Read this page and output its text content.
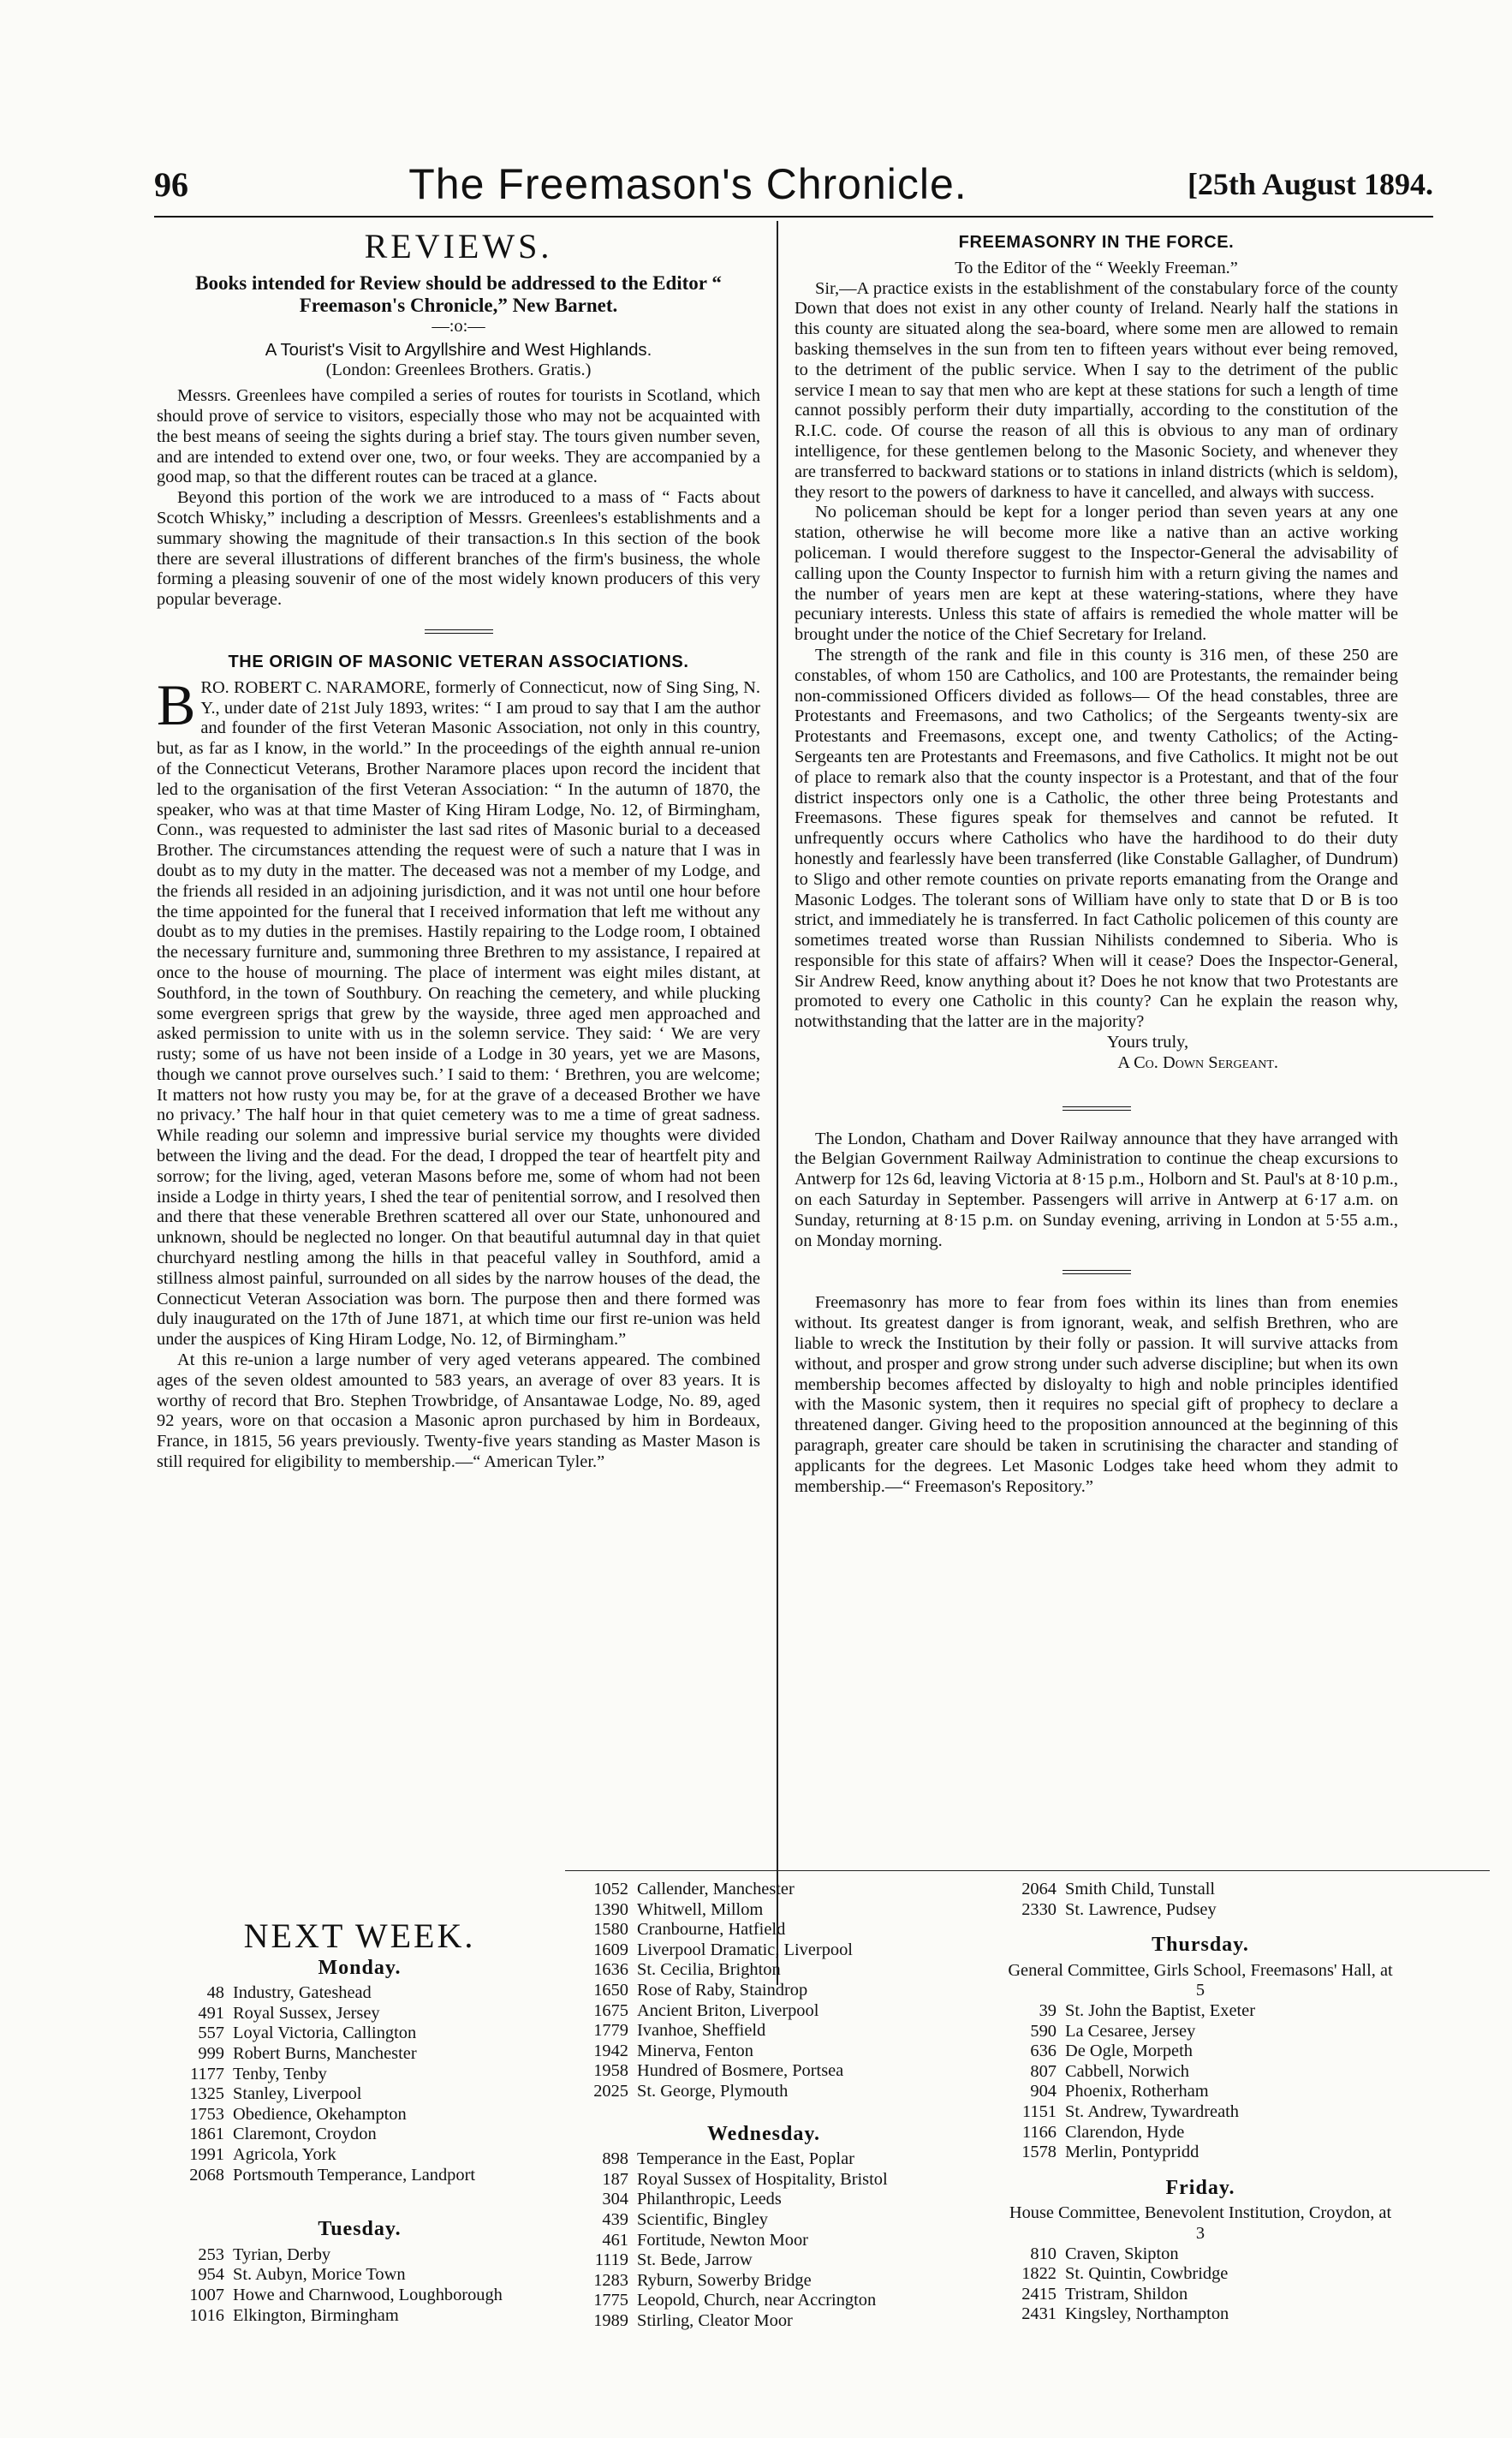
96	The Freemason's Chronicle.	[25th August 1894.
REVIEWS.

Books intended for Review should be addressed to the Editor “ Freemason's Chronicle,” New Barnet.

—:o:—

A Tourist's Visit to Argyllshire and West Highlands.

(London: Greenlees Brothers. Gratis.)

Messrs. Greenlees have compiled a series of routes for tourists in Scotland, which should prove of service to visitors, especially those who may not be acquainted with the best means of seeing the sights during a brief stay. The tours given number seven, and are intended to extend over one, two, or four weeks. They are accompanied by a good map, so that the different routes can be traced at a glance.

Beyond this portion of the work we are introduced to a mass of “ Facts about Scotch Whisky,” including a description of Messrs. Greenlees's establishments and a summary showing the magnitude of their transaction.s In this section of the book there are several illustrations of different branches of the firm's business, the whole forming a pleasing souvenir of one of the most widely known producers of this very popular beverage.

THE ORIGIN OF MASONIC VETERAN ASSOCIATIONS.

BRO. ROBERT C. NARAMORE, formerly of Connecticut, now of Sing Sing, N. Y., under date of 21st July 1893, writes: “ I am proud to say that I am the author and founder of the first Veteran Masonic Association, not only in this country, but, as far as I know, in the world.” In the proceedings of the eighth annual re-union of the Connecticut Veterans, Brother Naramore places upon record the incident that led to the organisation of the first Veteran Association: “ In the autumn of 1870, the speaker, who was at that time Master of King Hiram Lodge, No. 12, of Birmingham, Conn., was requested to administer the last sad rites of Masonic burial to a deceased Brother. The circumstances attending the request were of such a nature that I was in doubt as to my duty in the matter. The deceased was not a member of my Lodge, and the friends all resided in an adjoining jurisdiction, and it was not until one hour before the time appointed for the funeral that I received information that left me without any doubt as to my duties in the premises. Hastily repairing to the Lodge room, I obtained the necessary furniture and, summoning three Brethren to my assistance, I repaired at once to the house of mourning. The place of interment was eight miles distant, at Southford, in the town of Southbury. On reaching the cemetery, and while plucking some evergreen sprigs that grew by the wayside, three aged men approached and asked permission to unite with us in the solemn service. They said: ‘ We are very rusty; some of us have not been inside of a Lodge in 30 years, yet we are Masons, though we cannot prove ourselves such.’ I said to them: ‘ Brethren, you are welcome; It matters not how rusty you may be, for at the grave of a deceased Brother we have no privacy.’ The half hour in that quiet cemetery was to me a time of great sadness. While reading our solemn and impressive burial service my thoughts were divided between the living and the dead. For the dead, I dropped the tear of heartfelt pity and sorrow; for the living, aged, veteran Masons before me, some of whom had not been inside a Lodge in thirty years, I shed the tear of penitential sorrow, and I resolved then and there that these venerable Brethren scattered all over our State, unhonoured and unknown, should be neglected no longer. On that beautiful autumnal day in that quiet churchyard nestling among the hills in that peaceful valley in Southford, amid a stillness almost painful, surrounded on all sides by the narrow houses of the dead, the Connecticut Veteran Association was born. The purpose then and there formed was duly inaugurated on the 17th of June 1871, at which time our first re-union was held under the auspices of King Hiram Lodge, No. 12, of Birmingham.”

At this re-union a large number of very aged veterans appeared. The combined ages of the seven oldest amounted to 583 years, an average of over 83 years. It is worthy of record that Bro. Stephen Trowbridge, of Ansantawae Lodge, No. 89, aged 92 years, wore on that occasion a Masonic apron purchased by him in Bordeaux, France, in 1815, 56 years previously. Twenty-five years standing as Master Mason is still required for eligibility to membership.—“ American Tyler.”

FREEMASONRY IN THE FORCE.

To the Editor of the “ Weekly Freeman.”

Sir,—A practice exists in the establishment of the constabulary force of the county Down that does not exist in any other county of Ireland. Nearly half the stations in this county are situated along the sea-board, where some men are allowed to remain basking themselves in the sun from ten to fifteen years without ever being removed, to the detriment of the public service. When I say to the detriment of the public service I mean to say that men who are kept at these stations for such a length of time cannot possibly perform their duty impartially, according to the constitution of the R.I.C. code. Of course the reason of all this is obvious to any man of ordinary intelligence, for these gentlemen belong to the Masonic Society, and whenever they are transferred to backward stations or to stations in inland districts (which is seldom), they resort to the powers of darkness to have it cancelled, and always with success.

No policeman should be kept for a longer period than seven years at any one station, otherwise he will become more like a native than an active working policeman. I would therefore suggest to the Inspector-General the advisability of calling upon the County Inspector to furnish him with a return giving the names and the number of years men are kept at these watering-stations, where they have pecuniary interests. Unless this state of affairs is remedied the whole matter will be brought under the notice of the Chief Secretary for Ireland.

The strength of the rank and file in this county is 316 men, of these 250 are constables, of whom 150 are Catholics, and 100 are Protestants, the remainder being non-commissioned Officers divided as follows— Of the head constables, three are Protestants and Freemasons, and two Catholics; of the Sergeants twenty-six are Protestants and Freemasons, except one, and twenty Catholics; of the Acting-Sergeants ten are Protestants and Freemasons, and five Catholics. It might not be out of place to remark also that the county inspector is a Protestant, and that of the four district inspectors only one is a Catholic, the other three being Protestants and Freemasons. These figures speak for themselves and cannot be refuted. It unfrequently occurs where Catholics who have the hardihood to do their duty honestly and fearlessly have been transferred (like Constable Gallagher, of Dundrum) to Sligo and other remote counties on private reports emanating from the Orange and Masonic Lodges. The tolerant sons of William have only to state that D or B is too strict, and immediately he is transferred. In fact Catholic policemen of this county are sometimes treated worse than Russian Nihilists condemned to Siberia. Who is responsible for this state of affairs? When will it cease? Does the Inspector-General, Sir Andrew Reed, know anything about it? Does he not know that two Protestants are promoted to every one Catholic in this county? Can he explain the reason why, notwithstanding that the latter are in the majority?

Yours truly,

A Co. Down Sergeant.

The London, Chatham and Dover Railway announce that they have arranged with the Belgian Government Railway Administration to continue the cheap excursions to Antwerp for 12s 6d, leaving Victoria at 8·15 p.m., Holborn and St. Paul's at 8·10 p.m., on each Saturday in September. Passengers will arrive in Antwerp at 6·17 a.m. on Sunday, returning at 8·15 p.m. on Sunday evening, arriving in London at 5·55 a.m., on Monday morning.

Freemasonry has more to fear from foes within its lines than from enemies without. Its greatest danger is from ignorant, weak, and selfish Brethren, who are liable to wreck the Institution by their folly or passion. It will survive attacks from without, and prosper and grow strong under such adverse discipline; but when its own membership becomes affected by disloyalty to high and noble principles identified with the Masonic system, then it requires no special gift of prophecy to declare a threatened danger. Giving heed to the proposition announced at the beginning of this paragraph, greater care should be taken in scrutinising the character and standing of applicants for the degrees. Let Masonic Lodges take heed whom they admit to membership.—“ Freemason's Repository.”

NEXT WEEK.
Monday.
48 Industry, Gateshead
491 Royal Sussex, Jersey
557 Loyal Victoria, Callington
999 Robert Burns, Manchester
1177 Tenby, Tenby
1325 Stanley, Liverpool
1753 Obedience, Okehampton
1861 Claremont, Croydon
1991 Agricola, York
2068 Portsmouth Temperance, Landport
Tuesday.
253 Tyrian, Derby
954 St. Aubyn, Morice Town
1007 Howe and Charnwood, Loughborough
1016 Elkington, Birmingham
1052 Callender, Manchester
1390 Whitwell, Millom
1580 Cranbourne, Hatfield
1609 Liverpool Dramatic, Liverpool
1636 St. Cecilia, Brighton
1650 Rose of Raby, Staindrop
1675 Ancient Briton, Liverpool
1779 Ivanhoe, Sheffield
1942 Minerva, Fenton
1958 Hundred of Bosmere, Portsea
2025 St. George, Plymouth
Wednesday.
898 Temperance in the East, Poplar
187 Royal Sussex of Hospitality, Bristol
304 Philanthropic, Leeds
439 Scientific, Bingley
461 Fortitude, Newton Moor
1119 St. Bede, Jarrow
1283 Ryburn, Sowerby Bridge
1775 Leopold, Church, near Accrington
1989 Stirling, Cleator Moor
2064 Smith Child, Tunstall
2330 St. Lawrence, Pudsey
Thursday.

General Committee, Girls School, Freemasons' Hall, at 5

39 St. John the Baptist, Exeter
590 La Cesaree, Jersey
636 De Ogle, Morpeth
807 Cabbell, Norwich
904 Phoenix, Rotherham
1151 St. Andrew, Tywardreath
1166 Clarendon, Hyde
1578 Merlin, Pontypridd
Friday.

House Committee, Benevolent Institution, Croydon, at 3

810 Craven, Skipton
1822 St. Quintin, Cowbridge
2415 Tristram, Shildon
2431 Kingsley, Northampton
